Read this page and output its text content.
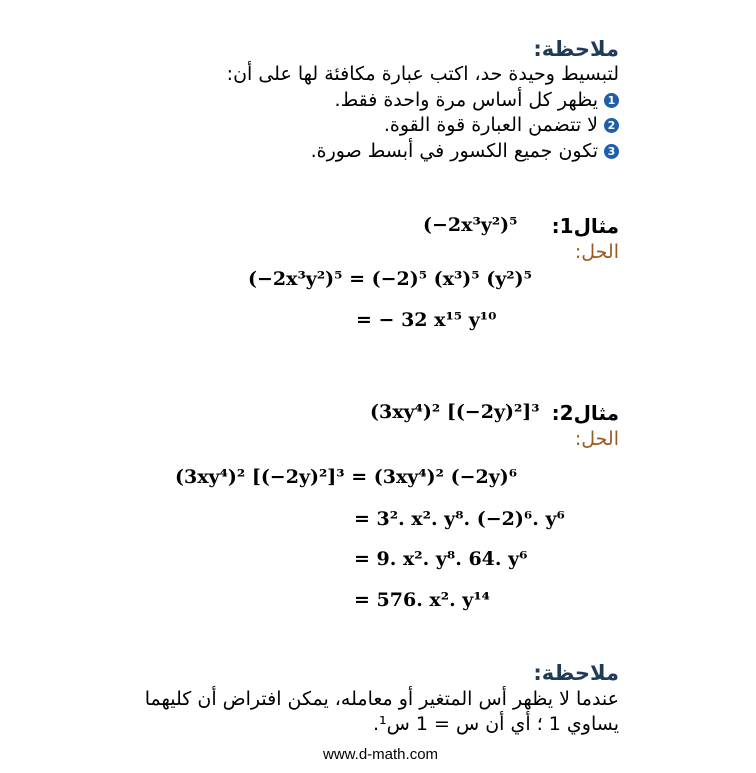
ملاحظة:
لتبسيط وحيدة حد، اكتب عبارة مكافئة لها على أن:
1يظهر كل أساس مرة واحدة فقط.
2لا تتضمن العبارة قوة القوة.
3تكون جميع الكسور في أبسط صورة.
مثال1:
(−2x³y²)⁵
الحل:
(−2x³y²)⁵ = (−2)⁵ (x³)⁵ (y²)⁵
= − 32 x¹⁵ y¹⁰
مثال2:
(3xy⁴)² [(−2y)²]³
الحل:
(3xy⁴)² [(−2y)²]³ = (3xy⁴)² (−2y)⁶
= 3². x². y⁸. (−2)⁶. y⁶
= 9. x². y⁸. 64. y⁶
= 576. x². y¹⁴
ملاحظة:
عندما لا يظهر أس المتغير أو معامله، يمكن افتراض أن كليهما
يساوي 1 ؛ أي أن س = 1 س¹.
www.d-math.com
